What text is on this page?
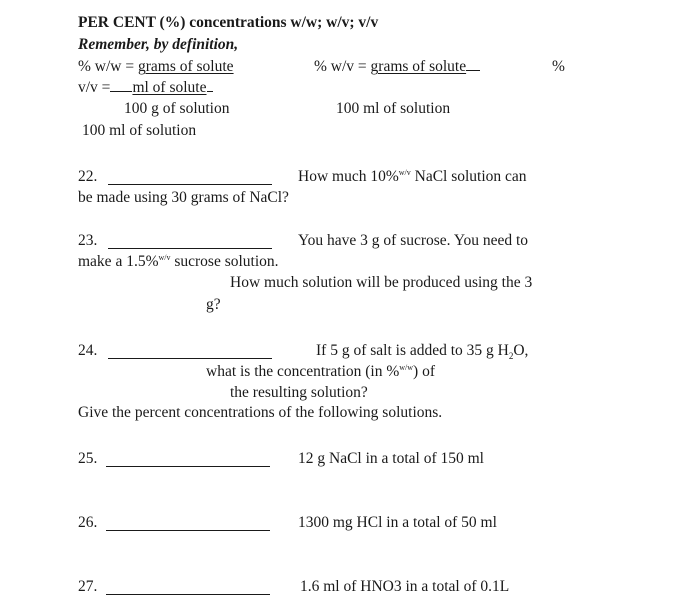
PER CENT (%) concentrations w/w; w/v; v/v
Remember, by definition,
% w/w = grams of solute	% w/v = grams of solute	%
v/v = ml of solute
100 g of solution	100 ml of solution
100 ml of solution
22.	How much 10%$^{w/v}$ NaCl solution can
be made using 30 grams of NaCl?
23.	You have 3 g of sucrose. You need to
make a 1.5%$^{w/v}$ sucrose solution.
How much solution will be produced using the 3
g?
24.	If 5 g of salt is added to 35 g $H_2O$,
what is the concentration (in %$^{w/w}$) of
the resulting solution?
Give the percent concentrations of the following solutions.
25.	12 g NaCl in a total of 150 ml
26.	1300 mg HCl in a total of 50 ml
27.	1.6 ml of HNO3 in a total of 0.1L
